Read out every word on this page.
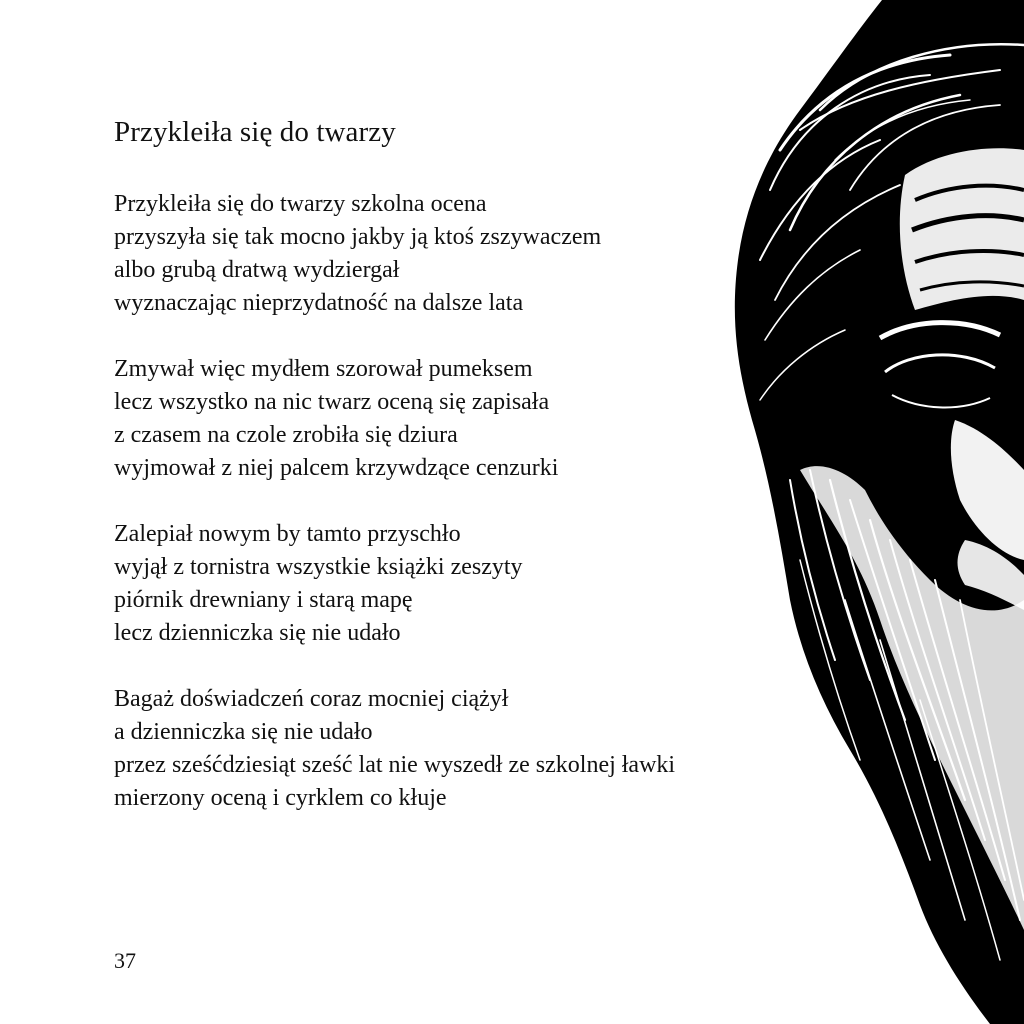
Przykleiła się do twarzy
Przykleiła się do twarzy szkolna ocena
przyszyła się tak mocno jakby ją ktoś zszywaczem
albo grubą dratwą wydziergał
wyznaczając nieprzydatność na dalsze lata
Zmywał więc mydłem szorował pumeksem
lecz wszystko na nic twarz oceną się zapisała
z czasem na czole zrobiła się dziura
wyjmował z niej palcem krzywdzące cenzurki
Zalepiał nowym by tamto przyschło
wyjął z tornistra wszystkie książki zeszyty
piórnik drewniany i starą mapę
lecz dzienniczka się nie udało
Bagaż doświadczeń coraz mocniej ciążył
a dzienniczka się nie udało
przez sześćdziesiąt sześć lat nie wyszedł ze szkolnej ławki
mierzony oceną i cyrklem co kłuje
37
